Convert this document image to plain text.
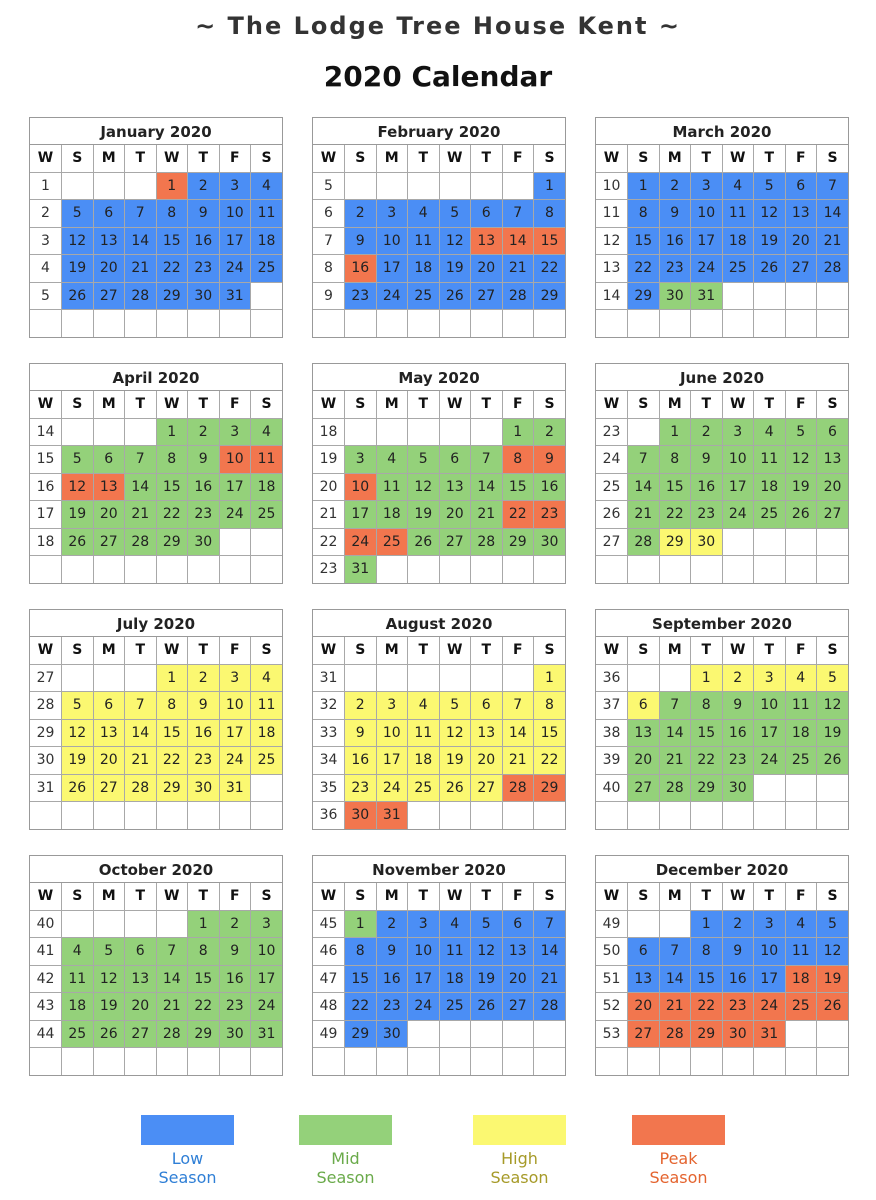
~ The Lodge Tree House Kent ~
2020 Calendar
January 2020
W	S	M	T	W	T	F	S
1				1	2	3	4
2	5	6	7	8	9	10	11
3	12	13	14	15	16	17	18
4	19	20	21	22	23	24	25
5	26	27	28	29	30	31	

February 2020
W	S	M	T	W	T	F	S
5							1
6	2	3	4	5	6	7	8
7	9	10	11	12	13	14	15
8	16	17	18	19	20	21	22
9	23	24	25	26	27	28	29

March 2020
W	S	M	T	W	T	F	S
10	1	2	3	4	5	6	7
11	8	9	10	11	12	13	14
12	15	16	17	18	19	20	21
13	22	23	24	25	26	27	28
14	29	30	31				

April 2020
W	S	M	T	W	T	F	S
14				1	2	3	4
15	5	6	7	8	9	10	11
16	12	13	14	15	16	17	18
17	19	20	21	22	23	24	25
18	26	27	28	29	30		

May 2020
W	S	M	T	W	T	F	S
18						1	2
19	3	4	5	6	7	8	9
20	10	11	12	13	14	15	16
21	17	18	19	20	21	22	23
22	24	25	26	27	28	29	30
23	31						
June 2020
W	S	M	T	W	T	F	S
23		1	2	3	4	5	6
24	7	8	9	10	11	12	13
25	14	15	16	17	18	19	20
26	21	22	23	24	25	26	27
27	28	29	30				

July 2020
W	S	M	T	W	T	F	S
27				1	2	3	4
28	5	6	7	8	9	10	11
29	12	13	14	15	16	17	18
30	19	20	21	22	23	24	25
31	26	27	28	29	30	31	

August 2020
W	S	M	T	W	T	F	S
31							1
32	2	3	4	5	6	7	8
33	9	10	11	12	13	14	15
34	16	17	18	19	20	21	22
35	23	24	25	26	27	28	29
36	30	31					
September 2020
W	S	M	T	W	T	F	S
36			1	2	3	4	5
37	6	7	8	9	10	11	12
38	13	14	15	16	17	18	19
39	20	21	22	23	24	25	26
40	27	28	29	30			

October 2020
W	S	M	T	W	T	F	S
40					1	2	3
41	4	5	6	7	8	9	10
42	11	12	13	14	15	16	17
43	18	19	20	21	22	23	24
44	25	26	27	28	29	30	31

November 2020
W	S	M	T	W	T	F	S
45	1	2	3	4	5	6	7
46	8	9	10	11	12	13	14
47	15	16	17	18	19	20	21
48	22	23	24	25	26	27	28
49	29	30					

December 2020
W	S	M	T	W	T	F	S
49			1	2	3	4	5
50	6	7	8	9	10	11	12
51	13	14	15	16	17	18	19
52	20	21	22	23	24	25	26
53	27	28	29	30	31		

Low
Season
Mid
Season
High
Season
Peak
Season
